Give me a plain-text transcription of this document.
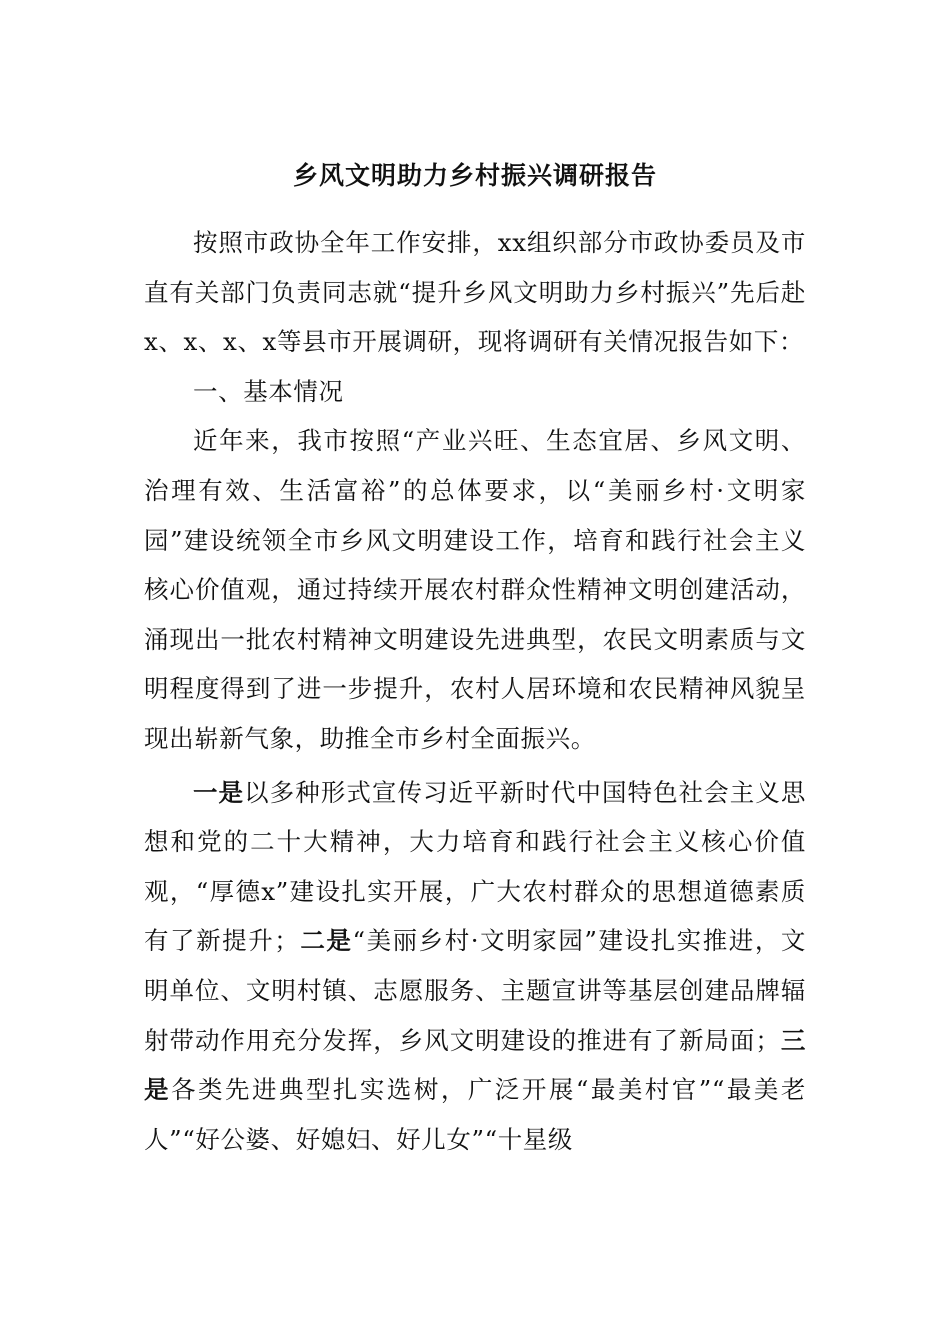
乡风文明助力乡村振兴调研报告

按照市政协全年工作安排，xx组织部分市政协委员及市直有关部门负责同志就“提升乡风文明助力乡村振兴”先后赴x、x、x、x等县市开展调研，现将调研有关情况报告如下：

一、基本情况

近年来，我市按照“产业兴旺、生态宜居、乡风文明、治理有效、生活富裕”的总体要求，以“美丽乡村·文明家园”建设统领全市乡风文明建设工作，培育和践行社会主义核心价值观，通过持续开展农村群众性精神文明创建活动，涌现出一批农村精神文明建设先进典型，农民文明素质与文明程度得到了进一步提升，农村人居环境和农民精神风貌呈现出崭新气象，助推全市乡村全面振兴。

一是以多种形式宣传习近平新时代中国特色社会主义思想和党的二十大精神，大力培育和践行社会主义核心价值观，“厚德x”建设扎实开展，广大农村群众的思想道德素质有了新提升；二是“美丽乡村·文明家园”建设扎实推进，文明单位、文明村镇、志愿服务、主题宣讲等基层创建品牌辐射带动作用充分发挥，乡风文明建设的推进有了新局面；三是各类先进典型扎实选树，广泛开展“最美村官”“最美老人”“好公婆、好媳妇、好儿女”“十星级
